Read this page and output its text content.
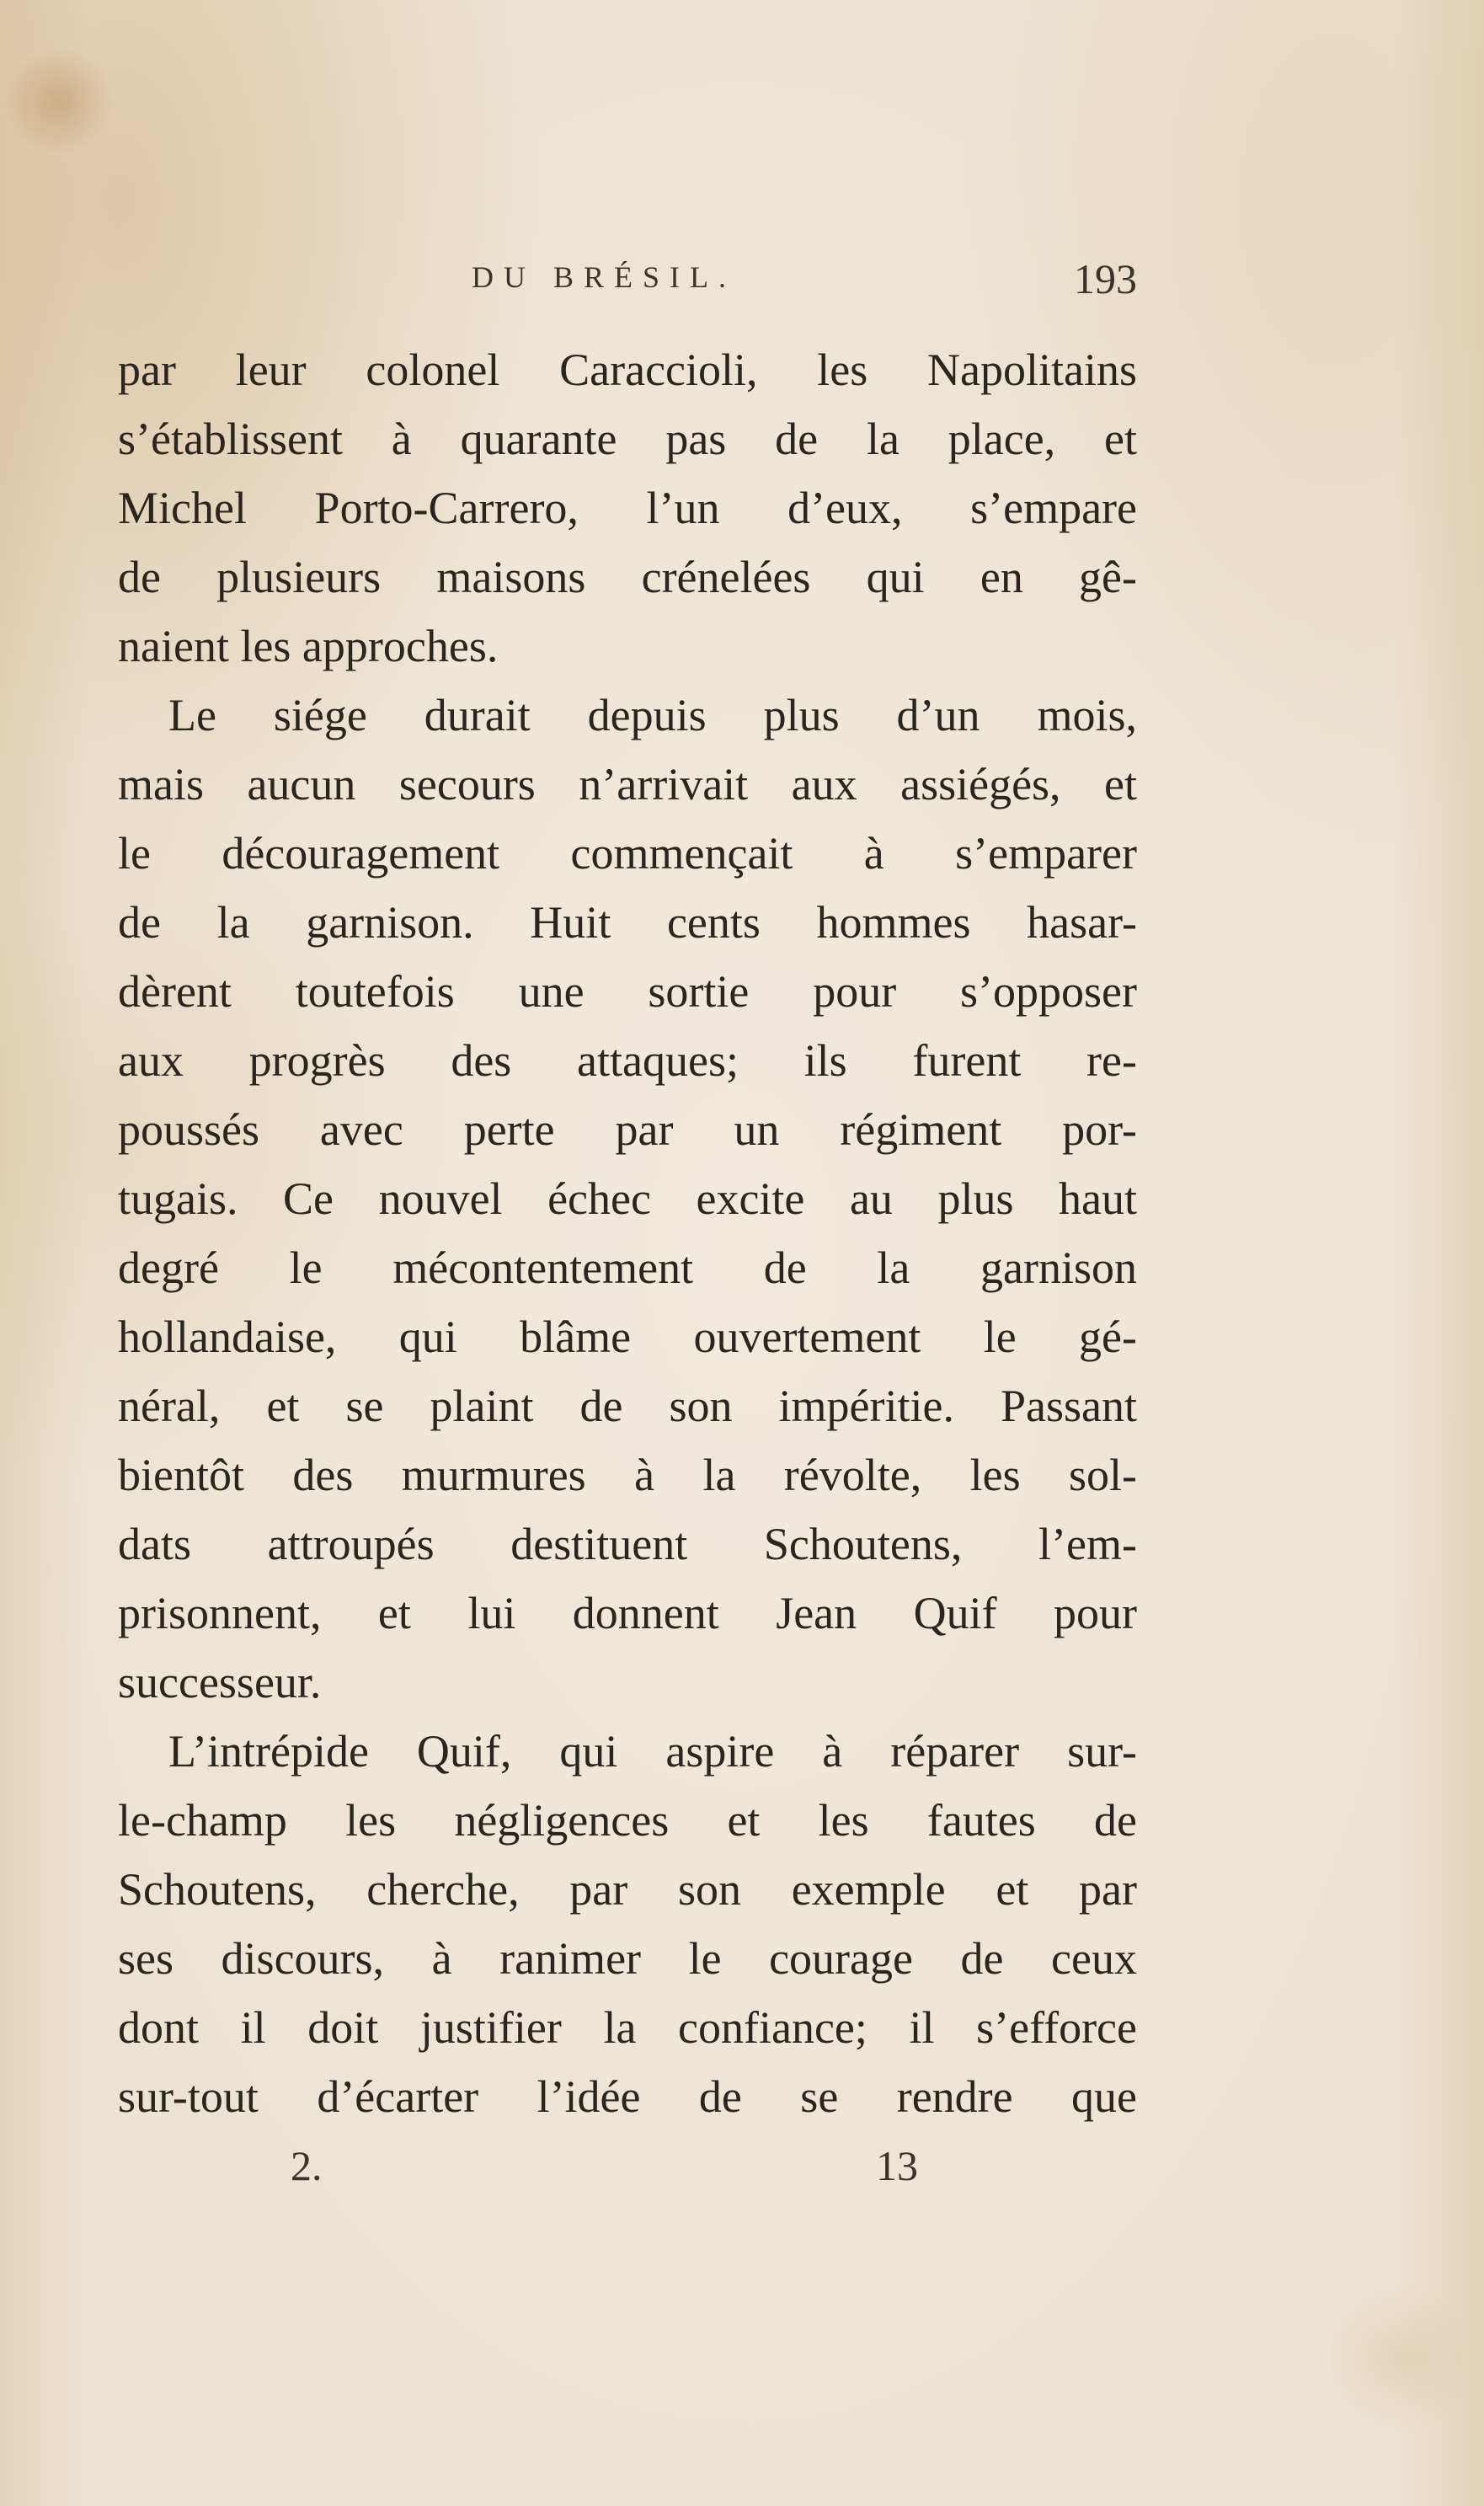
DU BRÉSIL.	193
par leur colonel Caraccioli, les Napolitains
s’établissent à quarante pas de la place, et
Michel Porto-Carrero, l’un d’eux, s’empare
de plusieurs maisons crénelées qui en gê-
naient les approches.
Le siége durait depuis plus d’un mois,
mais aucun secours n’arrivait aux assiégés, et
le découragement commençait à s’emparer
de la garnison. Huit cents hommes hasar-
dèrent toutefois une sortie pour s’opposer
aux progrès des attaques; ils furent re-
poussés avec perte par un régiment por-
tugais. Ce nouvel échec excite au plus haut
degré le mécontentement de la garnison
hollandaise, qui blâme ouvertement le gé-
néral, et se plaint de son impéritie. Passant
bientôt des murmures à la révolte, les sol-
dats attroupés destituent Schoutens, l’em-
prisonnent, et lui donnent Jean Quif pour
successeur.
L’intrépide Quif, qui aspire à réparer sur-
le-champ les négligences et les fautes de
Schoutens, cherche, par son exemple et par
ses discours, à ranimer le courage de ceux
dont il doit justifier la confiance; il s’efforce
sur-tout d’écarter l’idée de se rendre que
2.	13
